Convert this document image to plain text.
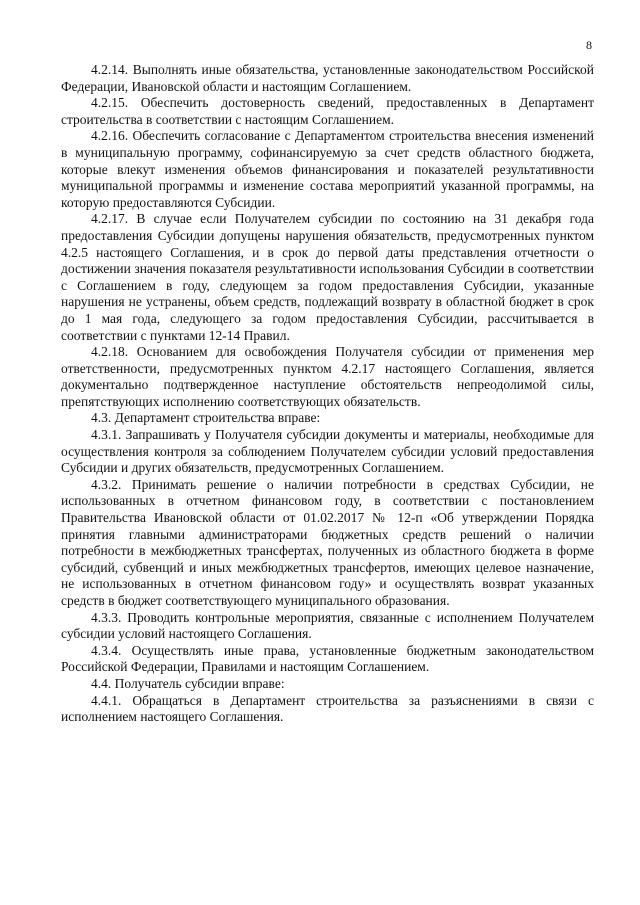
8

4.2.14. Выполнять иные обязательства, установленные законодательством Российской Федерации, Ивановской области и настоящим Соглашением.

4.2.15. Обеспечить достоверность сведений, предоставленных в Департамент строительства в соответствии с настоящим Соглашением.

4.2.16. Обеспечить согласование с Департаментом строительства внесения изменений в муниципальную программу, софинансируемую за счет средств областного бюджета, которые влекут изменения объемов финансирования и показателей результативности муниципальной программы и изменение состава мероприятий указанной программы, на которую предоставляются Субсидии.

4.2.17. В случае если Получателем субсидии по состоянию на 31 декабря года предоставления Субсидии допущены нарушения обязательств, предусмотренных пунктом 4.2.5 настоящего Соглашения, и в срок до первой даты представления отчетности о достижении значения показателя результативности использования Субсидии в соответствии с Соглашением в году, следующем за годом предоставления Субсидии, указанные нарушения не устранены, объем средств, подлежащий возврату в областной бюджет в срок до 1 мая года, следующего за годом предоставления Субсидии, рассчитывается в соответствии с пунктами 12-14 Правил.

4.2.18. Основанием для освобождения Получателя субсидии от применения мер ответственности, предусмотренных пунктом 4.2.17 настоящего Соглашения, является документально подтвержденное наступление обстоятельств непреодолимой силы, препятствующих исполнению соответствующих обязательств.

4.3. Департамент строительства вправе:

4.3.1. Запрашивать у Получателя субсидии документы и материалы, необходимые для осуществления контроля за соблюдением Получателем субсидии условий предоставления Субсидии и других обязательств, предусмотренных Соглашением.

4.3.2. Принимать решение о наличии потребности в средствах Субсидии, не использованных в отчетном финансовом году, в соответствии с постановлением Правительства Ивановской области от 01.02.2017 № 12-п «Об утверждении Порядка принятия главными администраторами бюджетных средств решений о наличии потребности в межбюджетных трансфертах, полученных из областного бюджета в форме субсидий, субвенций и иных межбюджетных трансфертов, имеющих целевое назначение, не использованных в отчетном финансовом году» и осуществлять возврат указанных средств в бюджет соответствующего муниципального образования.

4.3.3. Проводить контрольные мероприятия, связанные с исполнением Получателем субсидии условий настоящего Соглашения.

4.3.4. Осуществлять иные права, установленные бюджетным законодательством Российской Федерации, Правилами и настоящим Соглашением.

4.4. Получатель субсидии вправе:

4.4.1. Обращаться в Департамент строительства за разъяснениями в связи с исполнением настоящего Соглашения.
